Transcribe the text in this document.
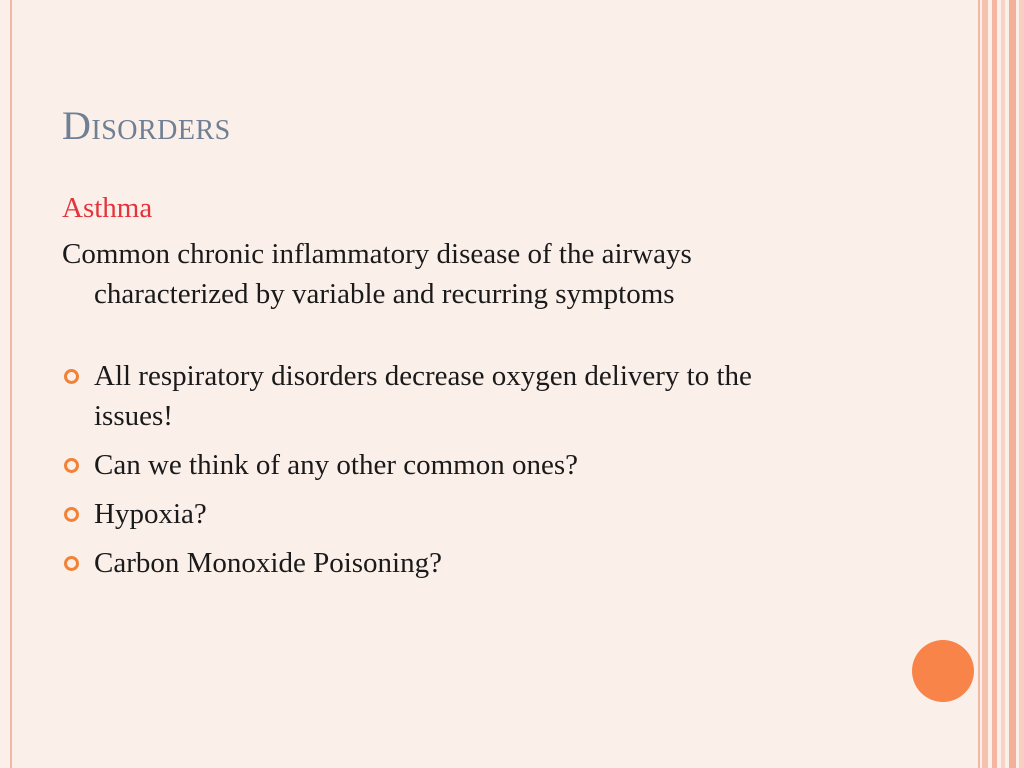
Disorders
Asthma
Common chronic inflammatory disease of the airways characterized by variable and recurring symptoms
All respiratory disorders decrease oxygen delivery to the issues!
Can we think of any other common ones?
Hypoxia?
Carbon Monoxide Poisoning?
